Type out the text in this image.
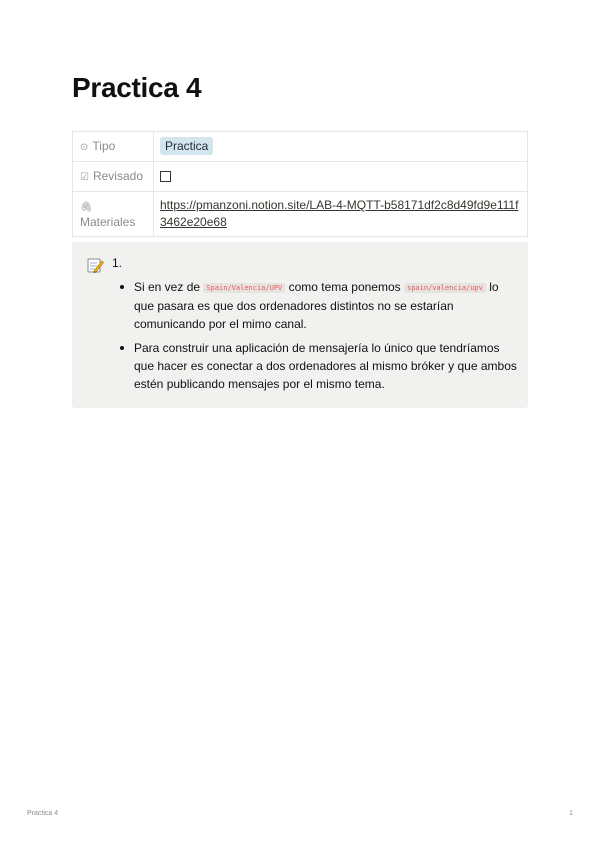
Practica 4
⊙ Tipo	Practica
☑ Revisado	
🖇
Materiales	https://pmanzoni.notion.site/LAB-4-MQTT-b58171df2c8d49fd9e111f3462e20e68
1.
Si en vez de Spain/Valencia/UPV como tema ponemos spain/valencia/upv lo que pasara es que dos ordenadores distintos no se estarían comunicando por el mimo canal.
Para construir una aplicación de mensajería lo único que tendríamos que hacer es conectar a dos ordenadores al mismo bróker y que ambos estén publicando mensajes por el mismo tema.
Practica 4	1
